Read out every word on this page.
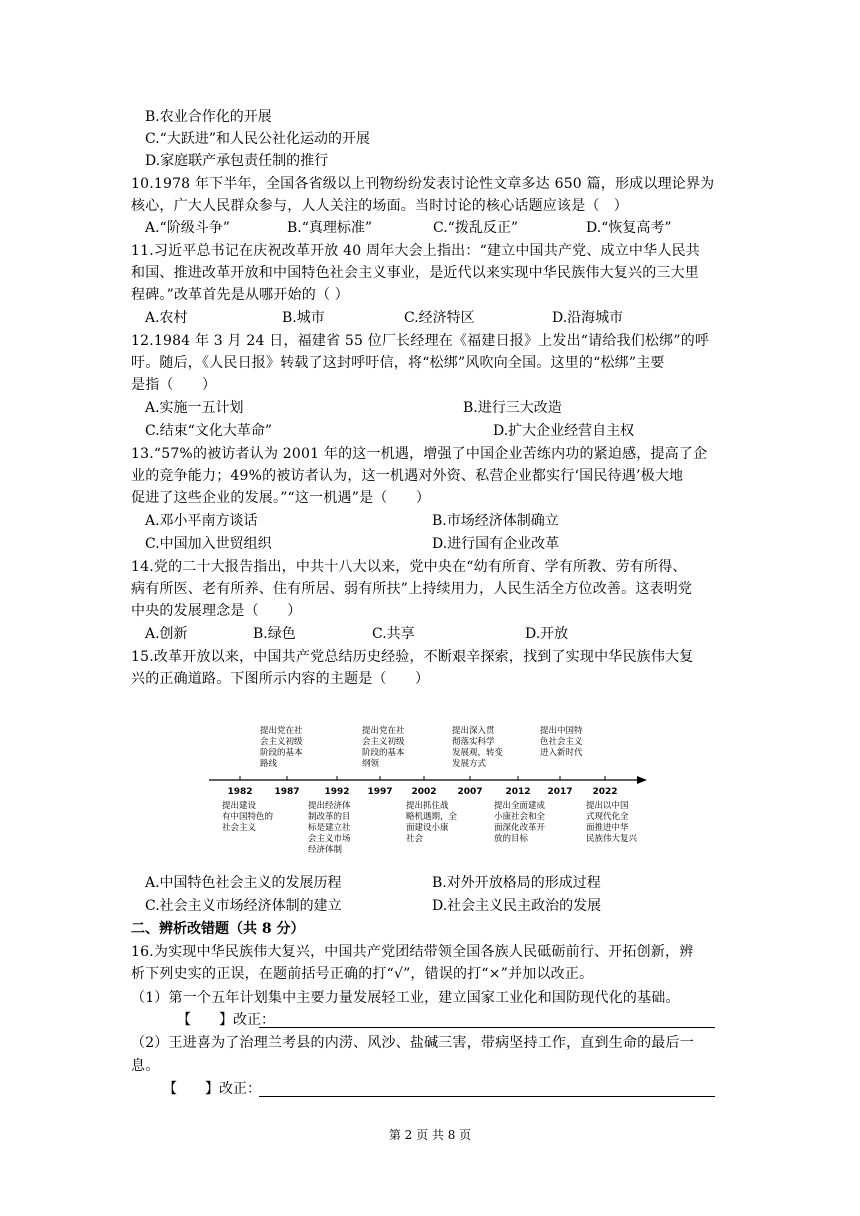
B.农业合作化的开展
C.“大跃进”和人民公社化运动的开展
D.家庭联产承包责任制的推行
10.1978 年下半年，全国各省级以上刊物纷纷发表讨论性文章多达 650 篇，形成以理论界为
核心，广大人民群众参与，人人关注的场面。当时讨论的核心话题应该是（　）
A.“阶级斗争”	B.“真理标准”	C.“拨乱反正”	D.“恢复高考”
11.习近平总书记在庆祝改革开放 40 周年大会上指出：“建立中国共产党、成立中华人民共
和国、推进改革开放和中国特色社会主义事业，是近代以来实现中华民族伟大复兴的三大里
程碑。”改革首先是从哪开始的（ ）
A.农村	B.城市	C.经济特区	D.沿海城市
12.1984 年 3 月 24 日，福建省 55 位厂长经理在《福建日报》上发出“请给我们松绑”的呼
吁。随后，《人民日报》转载了这封呼吁信，将“松绑”风吹向全国。这里的“松绑”主要
是指（　　）
A.实施一五计划	B.进行三大改造
C.结束“文化大革命”	D.扩大企业经营自主权
13.“57%的被访者认为 2001 年的这一机遇，增强了中国企业苦练内功的紧迫感，提高了企
业的竞争能力；49%的被访者认为，这一机遇对外资、私营企业都实行‘国民待遇’极大地
促进了这些企业的发展。”“这一机遇”是（　　）
A.邓小平南方谈话	B.市场经济体制确立
C.中国加入世贸组织	D.进行国有企业改革
14.党的二十大报告指出，中共十八大以来，党中央在“幼有所育、学有所教、劳有所得、
病有所医、老有所养、住有所居、弱有所扶”上持续用力，人民生活全方位改善。这表明党
中央的发展理念是（　　）
A.创新	B.绿色	C.共享	D.开放
15.改革开放以来，中国共产党总结历史经验，不断艰辛探索，找到了实现中华民族伟大复
兴的正确道路。下图所示内容的主题是（　　）
提出党在社
会主义初级
阶段的基本
路线
提出党在社
会主义初级
阶段的基本
纲领
提出深入贯
彻落实科学
发展观，转变
发展方式
提出中国特
色社会主义
进入新时代
1982 1987	1992 1997 2002 2007	2012 2017 2022
提出建设
有中国特色的
社会主义
提出经济体
制改革的目
标是建立社
会主义市场
经济体制
提出抓住战
略机遇期，全
面建设小康
社会
提出全面建成
小康社会和全
面深化改革开
放的目标
提出以中国
式现代化全
面推进中华
民族伟大复兴
A.中国特色社会主义的发展历程	B.对外开放格局的形成过程
C.社会主义市场经济体制的建立	D.社会主义民主政治的发展
二、辨析改错题（共 8 分）
16.为实现中华民族伟大复兴，中国共产党团结带领全国各族人民砥砺前行、开拓创新，辨
析下列史实的正误，在题前括号正确的打“√”，错误的打“×”并加以改正。
（1）第一个五年计划集中主要力量发展轻工业，建立国家工业化和国防现代化的基础。
【　　】改正：
（2）王进喜为了治理兰考县的内涝、风沙、盐碱三害，带病坚持工作，直到生命的最后一
息。
【　　】改正：
第 2 页 共 8 页
